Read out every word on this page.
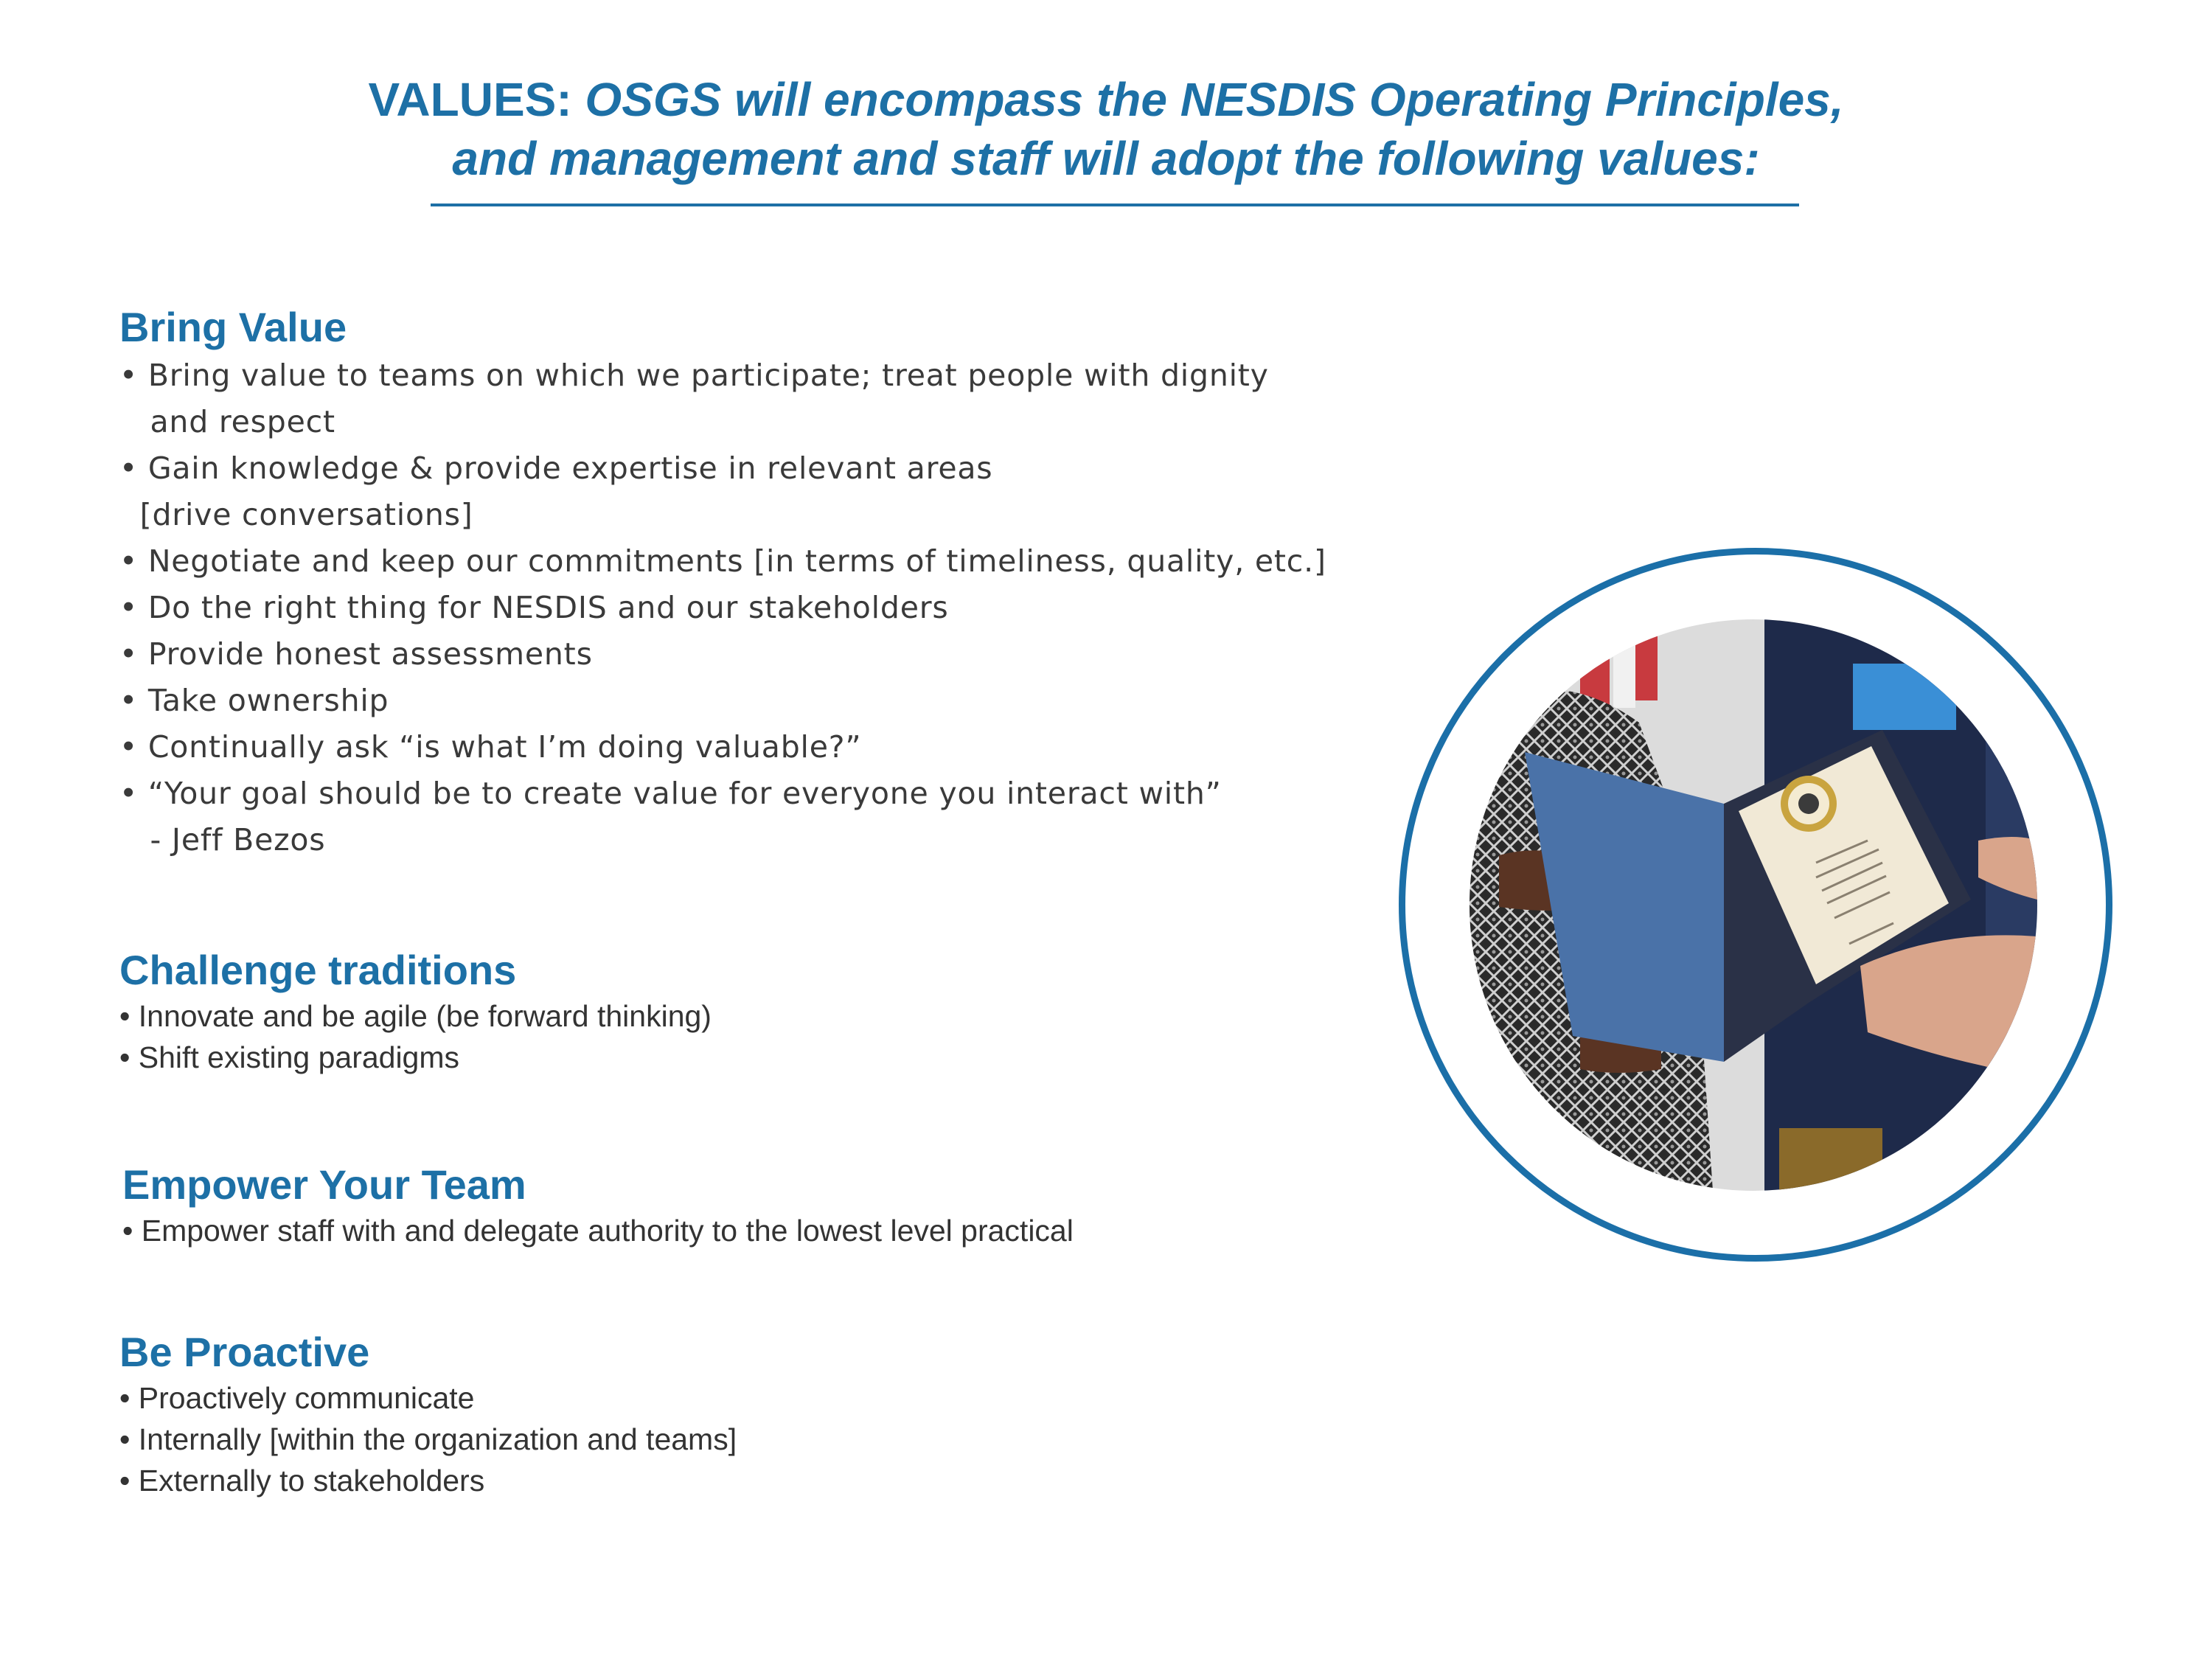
VALUES: OSGS will encompass the NESDIS Operating Principles,
and management and staff will adopt the following values:
Bring Value
• Bring value to teams on which we participate; treat people with dignity
and respect
• Gain knowledge & provide expertise in relevant areas
[drive conversations]
• Negotiate and keep our commitments [in terms of timeliness, quality, etc.]
• Do the right thing for NESDIS and our stakeholders
• Provide honest assessments
• Take ownership
• Continually ask “is what I’m doing valuable?”
• “Your goal should be to create value for everyone you interact with”
- Jeff Bezos
Challenge traditions
• Innovate and be agile (be forward thinking)
• Shift existing paradigms
Empower Your Team
• Empower staff with and delegate authority to the lowest level practical
Be Proactive
• Proactively communicate
• Internally [within the organization and teams]
• Externally to stakeholders
